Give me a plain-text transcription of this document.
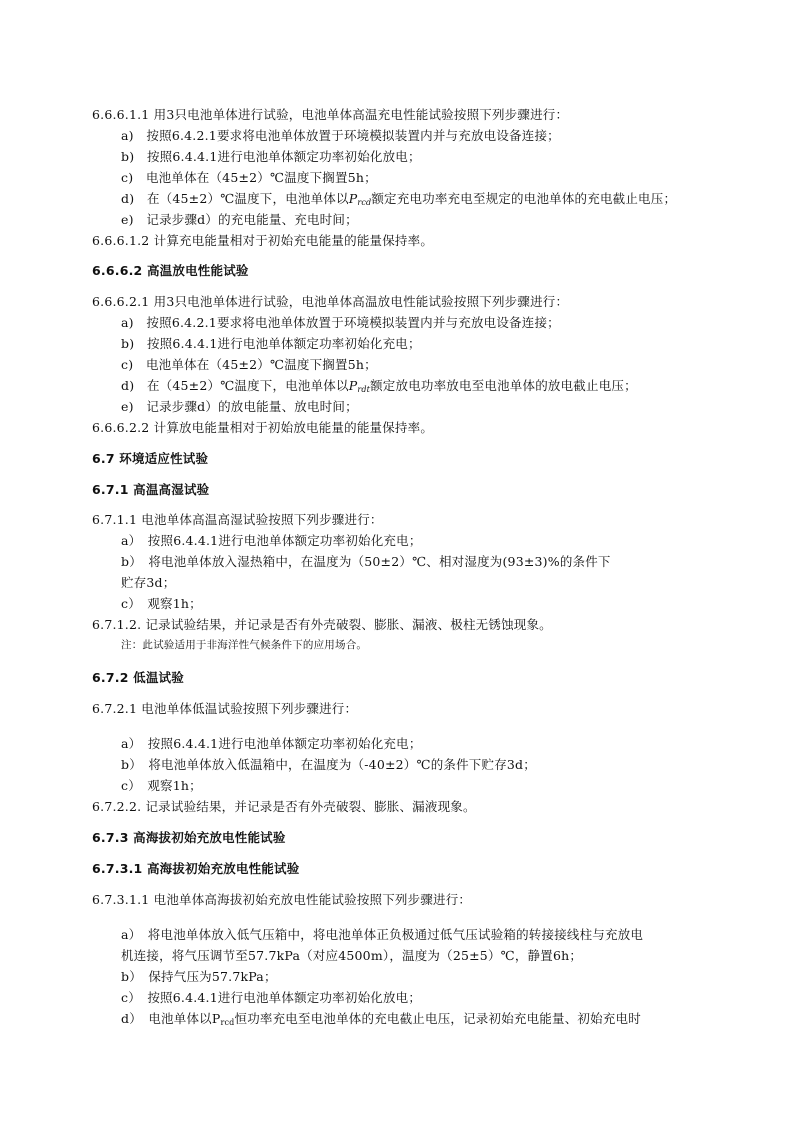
6.6.6.1.1 用3只电池单体进行试验，电池单体高温充电性能试验按照下列步骤进行：
a)　按照6.4.2.1要求将电池单体放置于环境模拟装置内并与充放电设备连接；
b)　按照6.4.4.1进行电池单体额定功率初始化放电；
c)　电池单体在（45±2）℃温度下搁置5h；
d)　在（45±2）℃温度下，电池单体以$P_{rcd}$额定充电功率充电至规定的电池单体的充电截止电压；
e)　记录步骤d）的充电能量、充电时间；
6.6.6.1.2 计算充电能量相对于初始充电能量的能量保持率。
6.6.6.2 高温放电性能试验
6.6.6.2.1 用3只电池单体进行试验，电池单体高温放电性能试验按照下列步骤进行：
a)　按照6.4.2.1要求将电池单体放置于环境模拟装置内并与充放电设备连接；
b)　按照6.4.4.1进行电池单体额定功率初始化充电；
c)　电池单体在（45±2）℃温度下搁置5h；
d)　在（45±2）℃温度下，电池单体以$P_{rdt}$额定放电功率放电至电池单体的放电截止电压；
e)　记录步骤d）的放电能量、放电时间；
6.6.6.2.2 计算放电能量相对于初始放电能量的能量保持率。
6.7 环境适应性试验
6.7.1 高温高湿试验
6.7.1.1 电池单体高温高湿试验按照下列步骤进行：
a）　按照6.4.4.1进行电池单体额定功率初始化充电；
b）　将电池单体放入湿热箱中，在温度为（50±2）℃、相对湿度为(93±3)%的条件下
贮存3d；
c）　观察1h；
6.7.1.2. 记录试验结果，并记录是否有外壳破裂、膨胀、漏液、极柱无锈蚀现象。
注：此试验适用于非海洋性气候条件下的应用场合。
6.7.2 低温试验
6.7.2.1 电池单体低温试验按照下列步骤进行：
a）　按照6.4.4.1进行电池单体额定功率初始化充电；
b）　将电池单体放入低温箱中，在温度为（-40±2）℃的条件下贮存3d；
c）　观察1h；
6.7.2.2. 记录试验结果，并记录是否有外壳破裂、膨胀、漏液现象。
6.7.3 高海拔初始充放电性能试验
6.7.3.1 高海拔初始充放电性能试验
6.7.3.1.1 电池单体高海拔初始充放电性能试验按照下列步骤进行：
a）　将电池单体放入低气压箱中，将电池单体正负极通过低气压试验箱的转接接线柱与充放电
机连接，将气压调节至57.7kPa（对应4500m），温度为（25±5）℃，静置6h；
b）　保持气压为57.7kPa；
c）　按照6.4.4.1进行电池单体额定功率初始化放电；
d）　电池单体以Prcd恒功率充电至电池单体的充电截止电压，记录初始充电能量、初始充电时
